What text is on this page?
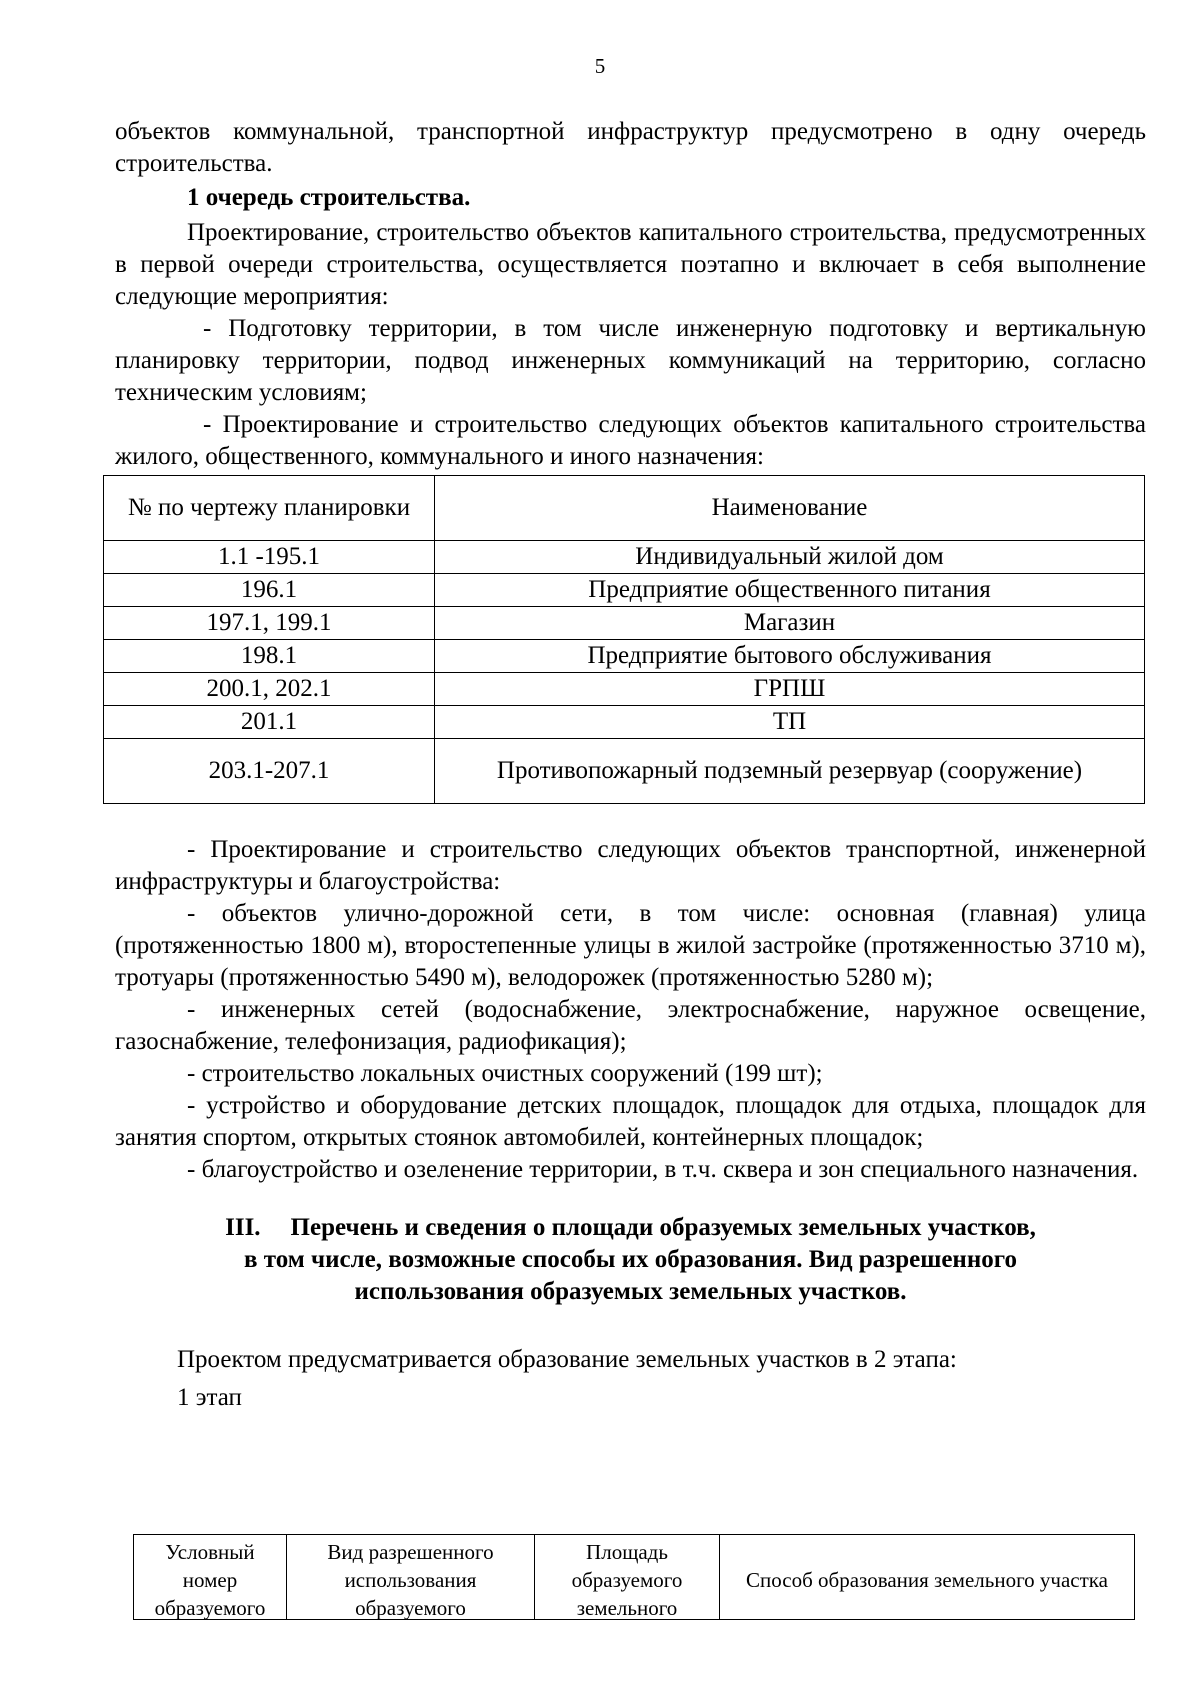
5

объектов коммунальной, транспортной инфраструктур предусмотрено в одну очередь строительства.

1 очередь строительства.

Проектирование, строительство объектов капитального строительства, предусмотренных в первой очереди строительства, осуществляется поэтапно и включает в себя выполнение следующие мероприятия:

- Подготовку территории, в том числе инженерную подготовку и вертикальную планировку территории, подвод инженерных коммуникаций на территорию, согласно техническим условиям;

- Проектирование и строительство следующих объектов капитального строительства жилого, общественного, коммунального и иного назначения:

№ по чертежу планировки	Наименование
1.1 -195.1	Индивидуальный жилой дом
196.1	Предприятие общественного питания
197.1, 199.1	Магазин
198.1	Предприятие бытового обслуживания
200.1, 202.1	ГРПШ
201.1	ТП
203.1-207.1	Противопожарный подземный резервуар (сооружение)

- Проектирование и строительство следующих объектов транспортной, инженерной инфраструктуры и благоустройства:

- объектов улично-дорожной сети, в том числе: основная (главная) улица (протяженностью 1800 м), второстепенные улицы в жилой застройке (протяженностью 3710 м), тротуары (протяженностью 5490 м), велодорожек (протяженностью 5280 м);

- инженерных сетей (водоснабжение, электроснабжение, наружное освещение, газоснабжение, телефонизация, радиофикация);

- строительство локальных очистных сооружений (199 шт);

- устройство и оборудование детских площадок, площадок для отдыха, площадок для занятия спортом, открытых стоянок автомобилей, контейнерных площадок;

- благоустройство и озеленение территории, в т.ч. сквера и зон специального назначения.

III. Перечень и сведения о площади образуемых земельных участков,
в том числе, возможные способы их образования. Вид разрешенного
использования образуемых земельных участков.

Проектом предусматривается образование земельных участков в 2 этапа:

1 этап

Условный номер образуемого	Вид разрешенного использования образуемого	Площадь образуемого земельного	Способ образования земельного участка
